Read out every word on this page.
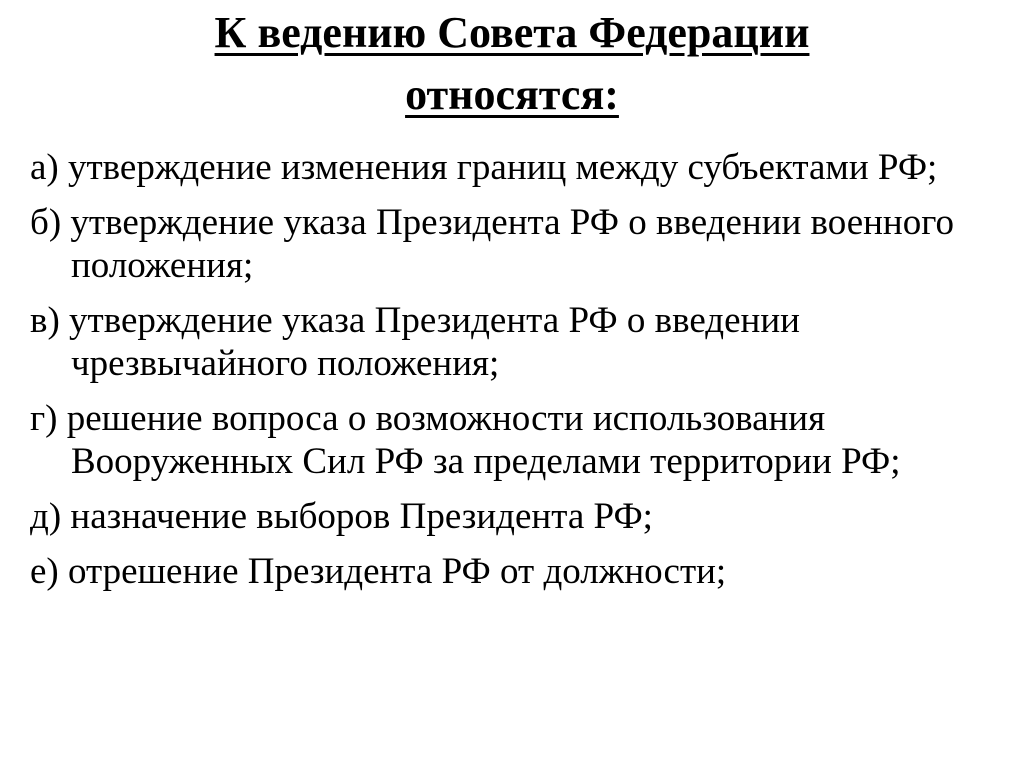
К ведению Совета Федерации
относятся:
а) утверждение изменения границ между субъектами РФ;
б) утверждение указа Президента РФ о введении военного положения;
в) утверждение указа Президента РФ о введении чрезвычайного положения;
г) решение вопроса о возможности использования Вооруженных Сил РФ за пределами территории РФ;
д) назначение выборов Президента РФ;
е) отрешение Президента РФ от должности;
